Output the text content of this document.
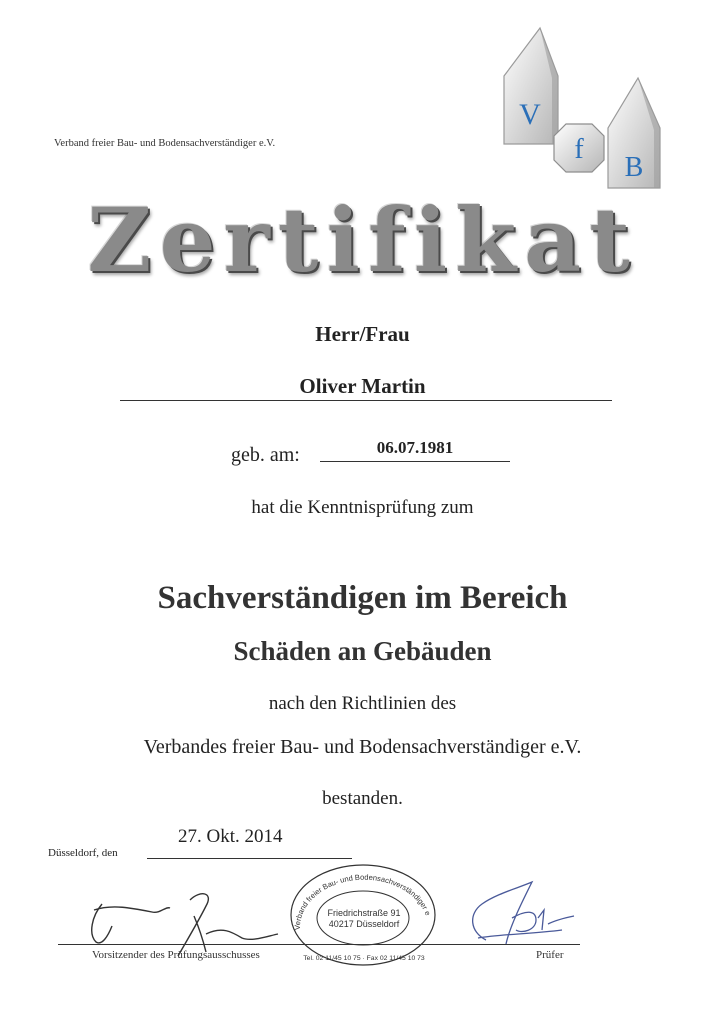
Verband freier Bau- und Bodensachverständiger e.V.
V
f
B
Zertifikat
Herr/Frau
Oliver Martin
geb. am:	06.07.1981
hat die Kenntnisprüfung zum
Sachverständigen im Bereich
Schäden an Gebäuden
nach den Richtlinien des
Verbandes freier Bau- und Bodensachverständiger e.V.
bestanden.
27. Okt. 2014
Düsseldorf, den
Vorsitzender des Prüfungsausschusses	Prüfer
Verband freier Bau- und Bodensachverständiger e.V.
Friedrichstraße 91
40217 Düsseldorf
Tel. 02 11/45 10 75 · Fax 02 11/45 10 73
